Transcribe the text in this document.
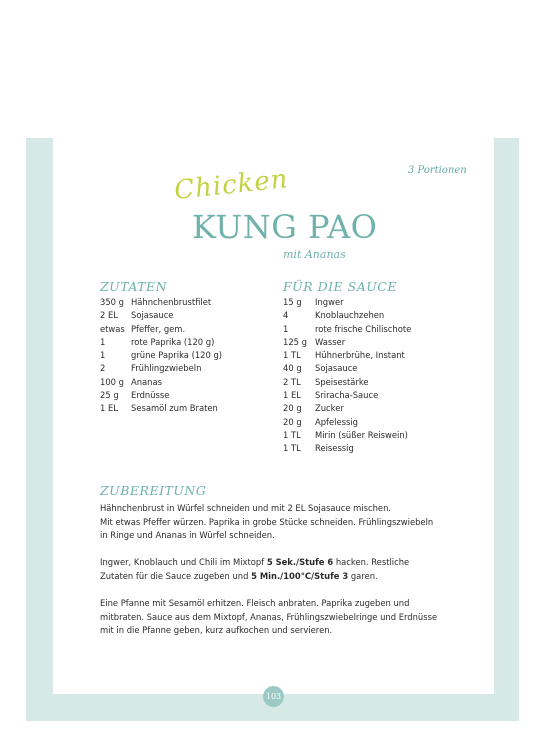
3 Portionen
Chicken
KUNG PAO
mit Ananas
ZUTATEN
350 g Hähnchenbrustfilet
2 EL Sojasauce
etwas Pfeffer, gem.
1	rote Paprika (120 g)
1	grüne Paprika (120 g)
2	Frühlingzwiebeln
100 g Ananas
25 g Erdnüsse
1 EL Sesamöl zum Braten
FÜR DIE SAUCE
15 g Ingwer
4	Knoblauchzehen
1	rote frische Chilischote
125 g Wasser
1 TL Hühnerbrühe, Instant
40 g Sojasauce
2 TL Speisestärke
1 EL Sriracha-Sauce
20 g Zucker
20 g Apfelessig
1 TL Mirin (süßer Reiswein)
1 TL Reisessig
ZUBEREITUNG

Hähnchenbrust in Würfel schneiden und mit 2 EL Sojasauce mischen.
Mit etwas Pfeffer würzen. Paprika in grobe Stücke schneiden. Frühlingszwiebeln
in Ringe und Ananas in Würfel schneiden.

Ingwer, Knoblauch und Chili im Mixtopf 5 Sek./Stufe 6 hacken. Restliche
Zutaten für die Sauce zugeben und 5 Min./100°C/Stufe 3 garen.

Eine Pfanne mit Sesamöl erhitzen. Fleisch anbraten. Paprika zugeben und
mitbraten. Sauce aus dem Mixtopf, Ananas, Frühlingszwiebelringe und Erdnüsse
mit in die Pfanne geben, kurz aufkochen und servieren.

103
